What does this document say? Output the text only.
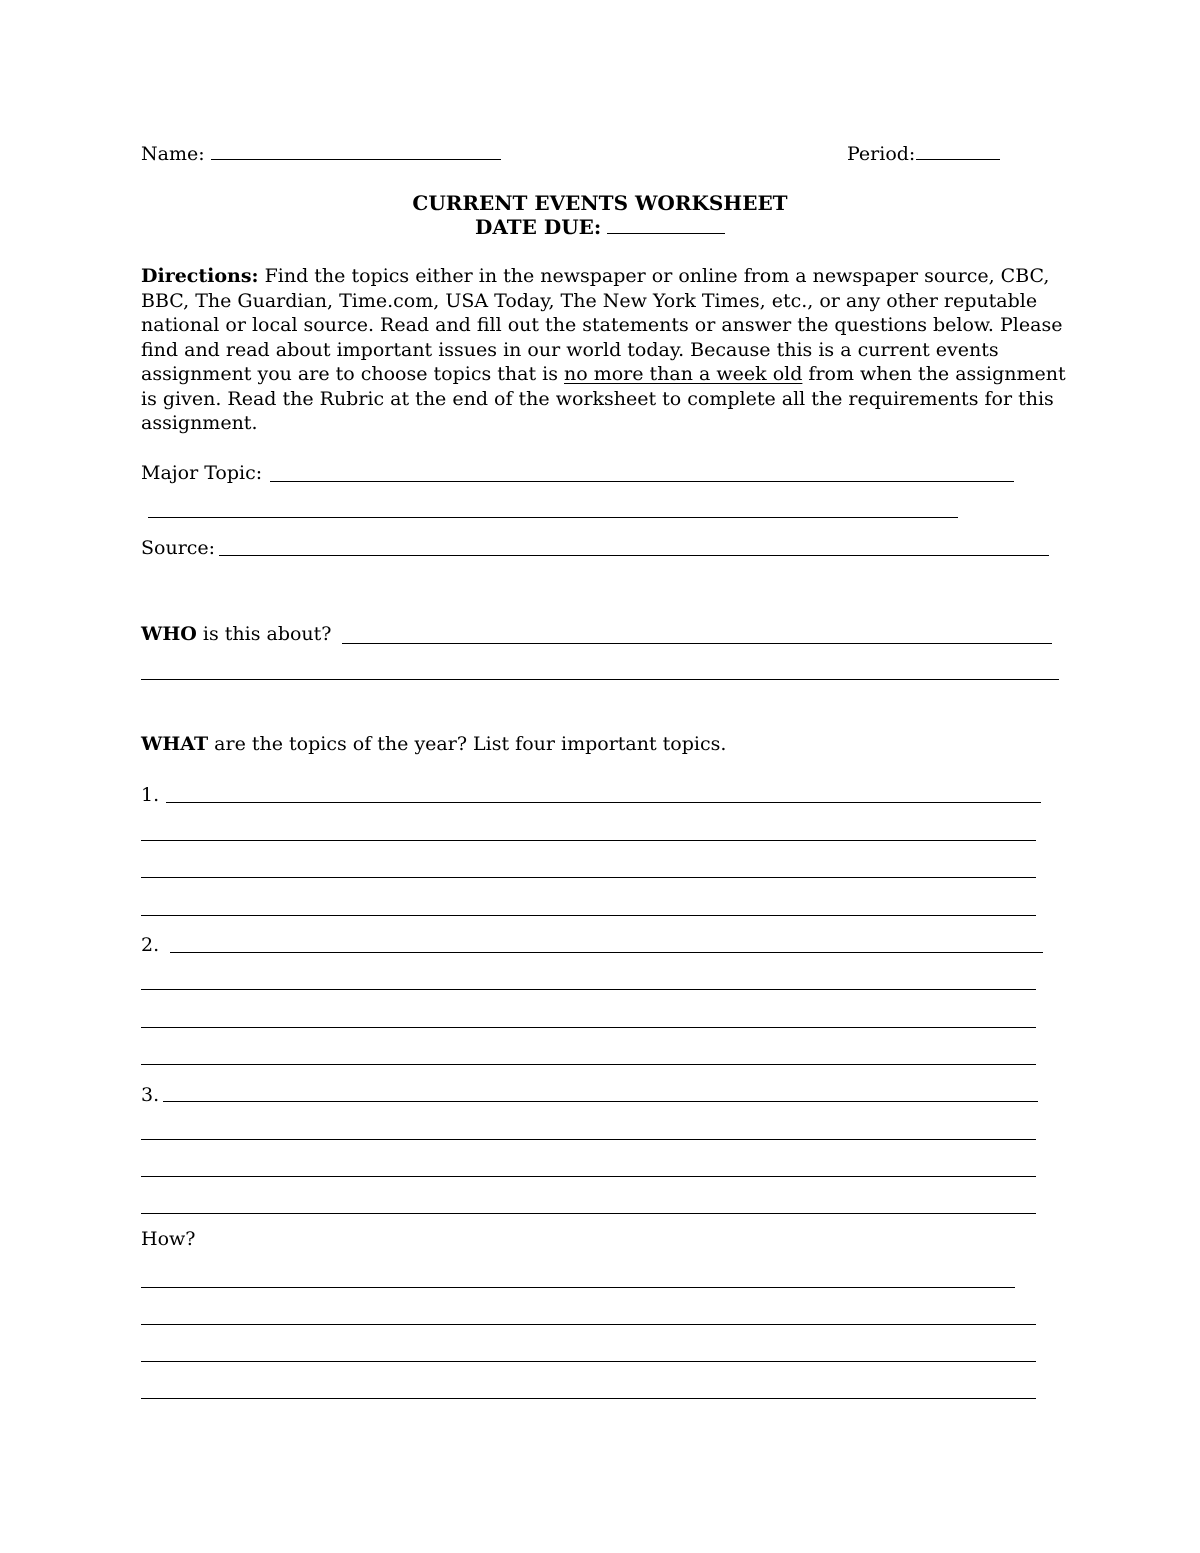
Name:	Period:
CURRENT EVENTS WORKSHEET
DATE DUE:
Directions: Find the topics either in the newspaper or online from a newspaper source, CBC, BBC, The Guardian, Time.com, USA Today, The New York Times, etc., or any other reputable national or local source. Read and fill out the statements or answer the questions below. Please find and read about important issues in our world today. Because this is a current events assignment you are to choose topics that is no more than a week old from when the assignment is given. Read the Rubric at the end of the worksheet to complete all the requirements for this assignment.
Major Topic:
Source:
WHO is this about?
WHAT are the topics of the year? List four important topics.
1.
2.
3.
How?
